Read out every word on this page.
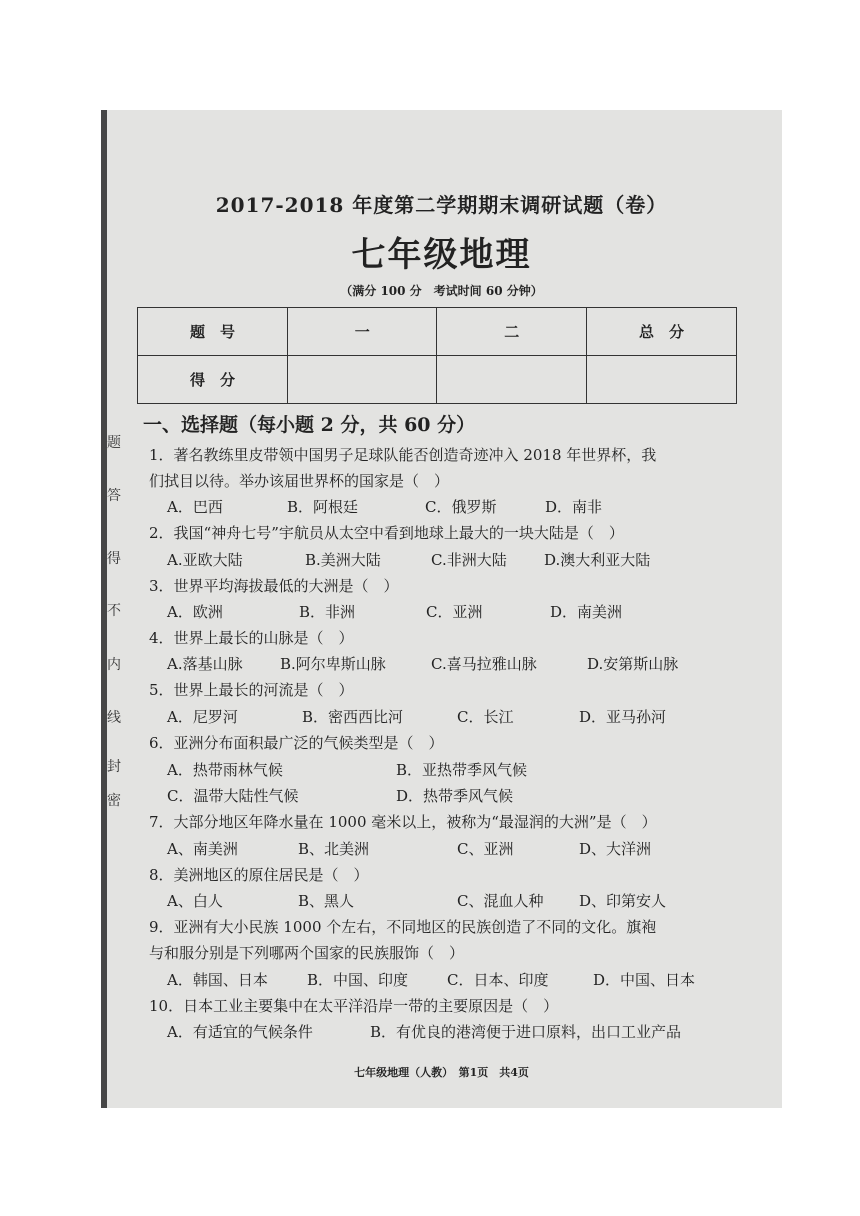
题
答
得
不
内
线
封
密
2017-2018 年度第二学期期末调研试题（卷）
七年级地理
（满分 100 分　考试时间 60 分钟）
题　号	一	二	总　分
得　分			
一、选择题（每小题 2 分，共 60 分）
1．著名教练里皮带领中国男子足球队能否创造奇迹冲入 2018 年世界杯，我
们拭目以待。举办该届世界杯的国家是（　）
A．巴西	B．阿根廷	C．俄罗斯	D．南非
2．我国“神舟七号”宇航员从太空中看到地球上最大的一块大陆是（　）
A.亚欧大陆	B.美洲大陆	C.非洲大陆 D.澳大利亚大陆
3．世界平均海拔最低的大洲是（　）
A．欧洲	B．非洲	C．亚洲	D．南美洲
4．世界上最长的山脉是（　）
A.落基山脉 B.阿尔卑斯山脉	C.喜马拉雅山脉	D.安第斯山脉
5．世界上最长的河流是（　）
A．尼罗河	B．密西西比河	C．长江	D．亚马孙河
6．亚洲分布面积最广泛的气候类型是（　）
A．热带雨林气候	B．亚热带季风气候
C．温带大陆性气候	D．热带季风气候
7．大部分地区年降水量在 1000 毫米以上，被称为“最湿润的大洲”是（　）
A、南美洲	B、北美洲	C、亚洲	D、大洋洲
8．美洲地区的原住居民是（　）
A、白人	B、黑人	C、混血人种 D、印第安人
9．亚洲有大小民族 1000 个左右，不同地区的民族创造了不同的文化。旗袍
与和服分别是下列哪两个国家的民族服饰（　）
A．韩国、日本	B．中国、印度	C．日本、印度	D．中国、日本
10．日本工业主要集中在太平洋沿岸一带的主要原因是（　）
A．有适宜的气候条件	B．有优良的港湾便于进口原料，出口工业产品
七年级地理（人教）　第1页　共4页
